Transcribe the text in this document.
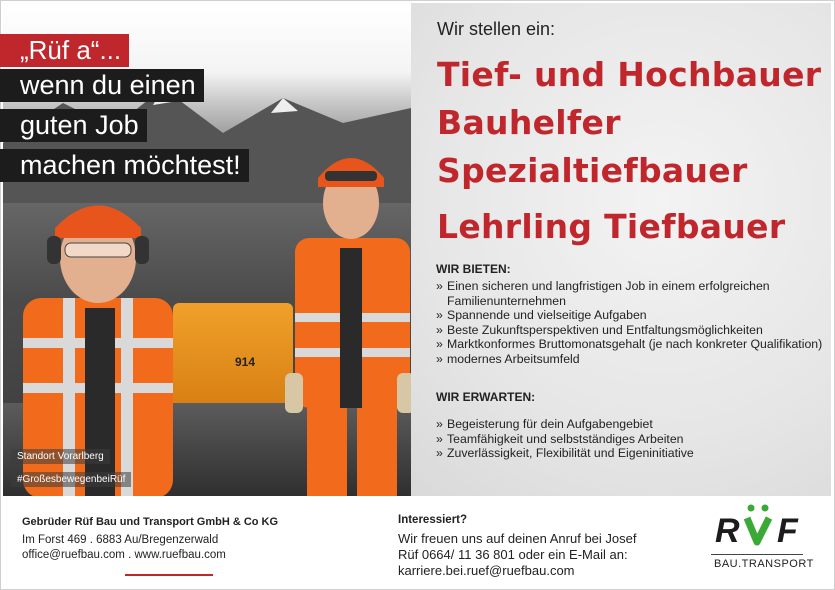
914
Standort Vorarlberg
#GroßesbewegenbeiRüf
„Rüf a“...
wenn du einen
guten Job
machen möchtest!
Wir stellen ein:
Tief- und Hochbauer
Bauhelfer
Spezialtiefbauer
Lehrling Tiefbauer
WIR BIETEN:
» Einen sicheren und langfristigen Job in einem erfolgreichen Familienunternehmen
» Spannende und vielseitige Aufgaben
» Beste Zukunftsperspektiven und Entfaltungsmöglichkeiten
» Marktkonformes Bruttomonatsgehalt (je nach konkreter Qualifikation)
» modernes Arbeitsumfeld
WIR ERWARTEN:
» Begeisterung für dein Aufgabengebiet
» Teamfähigkeit und selbstständiges Arbeiten
» Zuverlässigkeit, Flexibilität und Eigeninitiative
Gebrüder Rüf Bau und Transport GmbH & Co KG
Im Forst 469 . 6883 Au/Bregenzerwald
office@ruefbau.com . www.ruefbau.com
Interessiert?
Wir freuen uns auf deinen Anruf bei Josef Rüf 0664/ 11 36 801 oder ein E-Mail an: karriere.bei.ruef@ruefbau.com
R F
BAU.TRANSPORT
